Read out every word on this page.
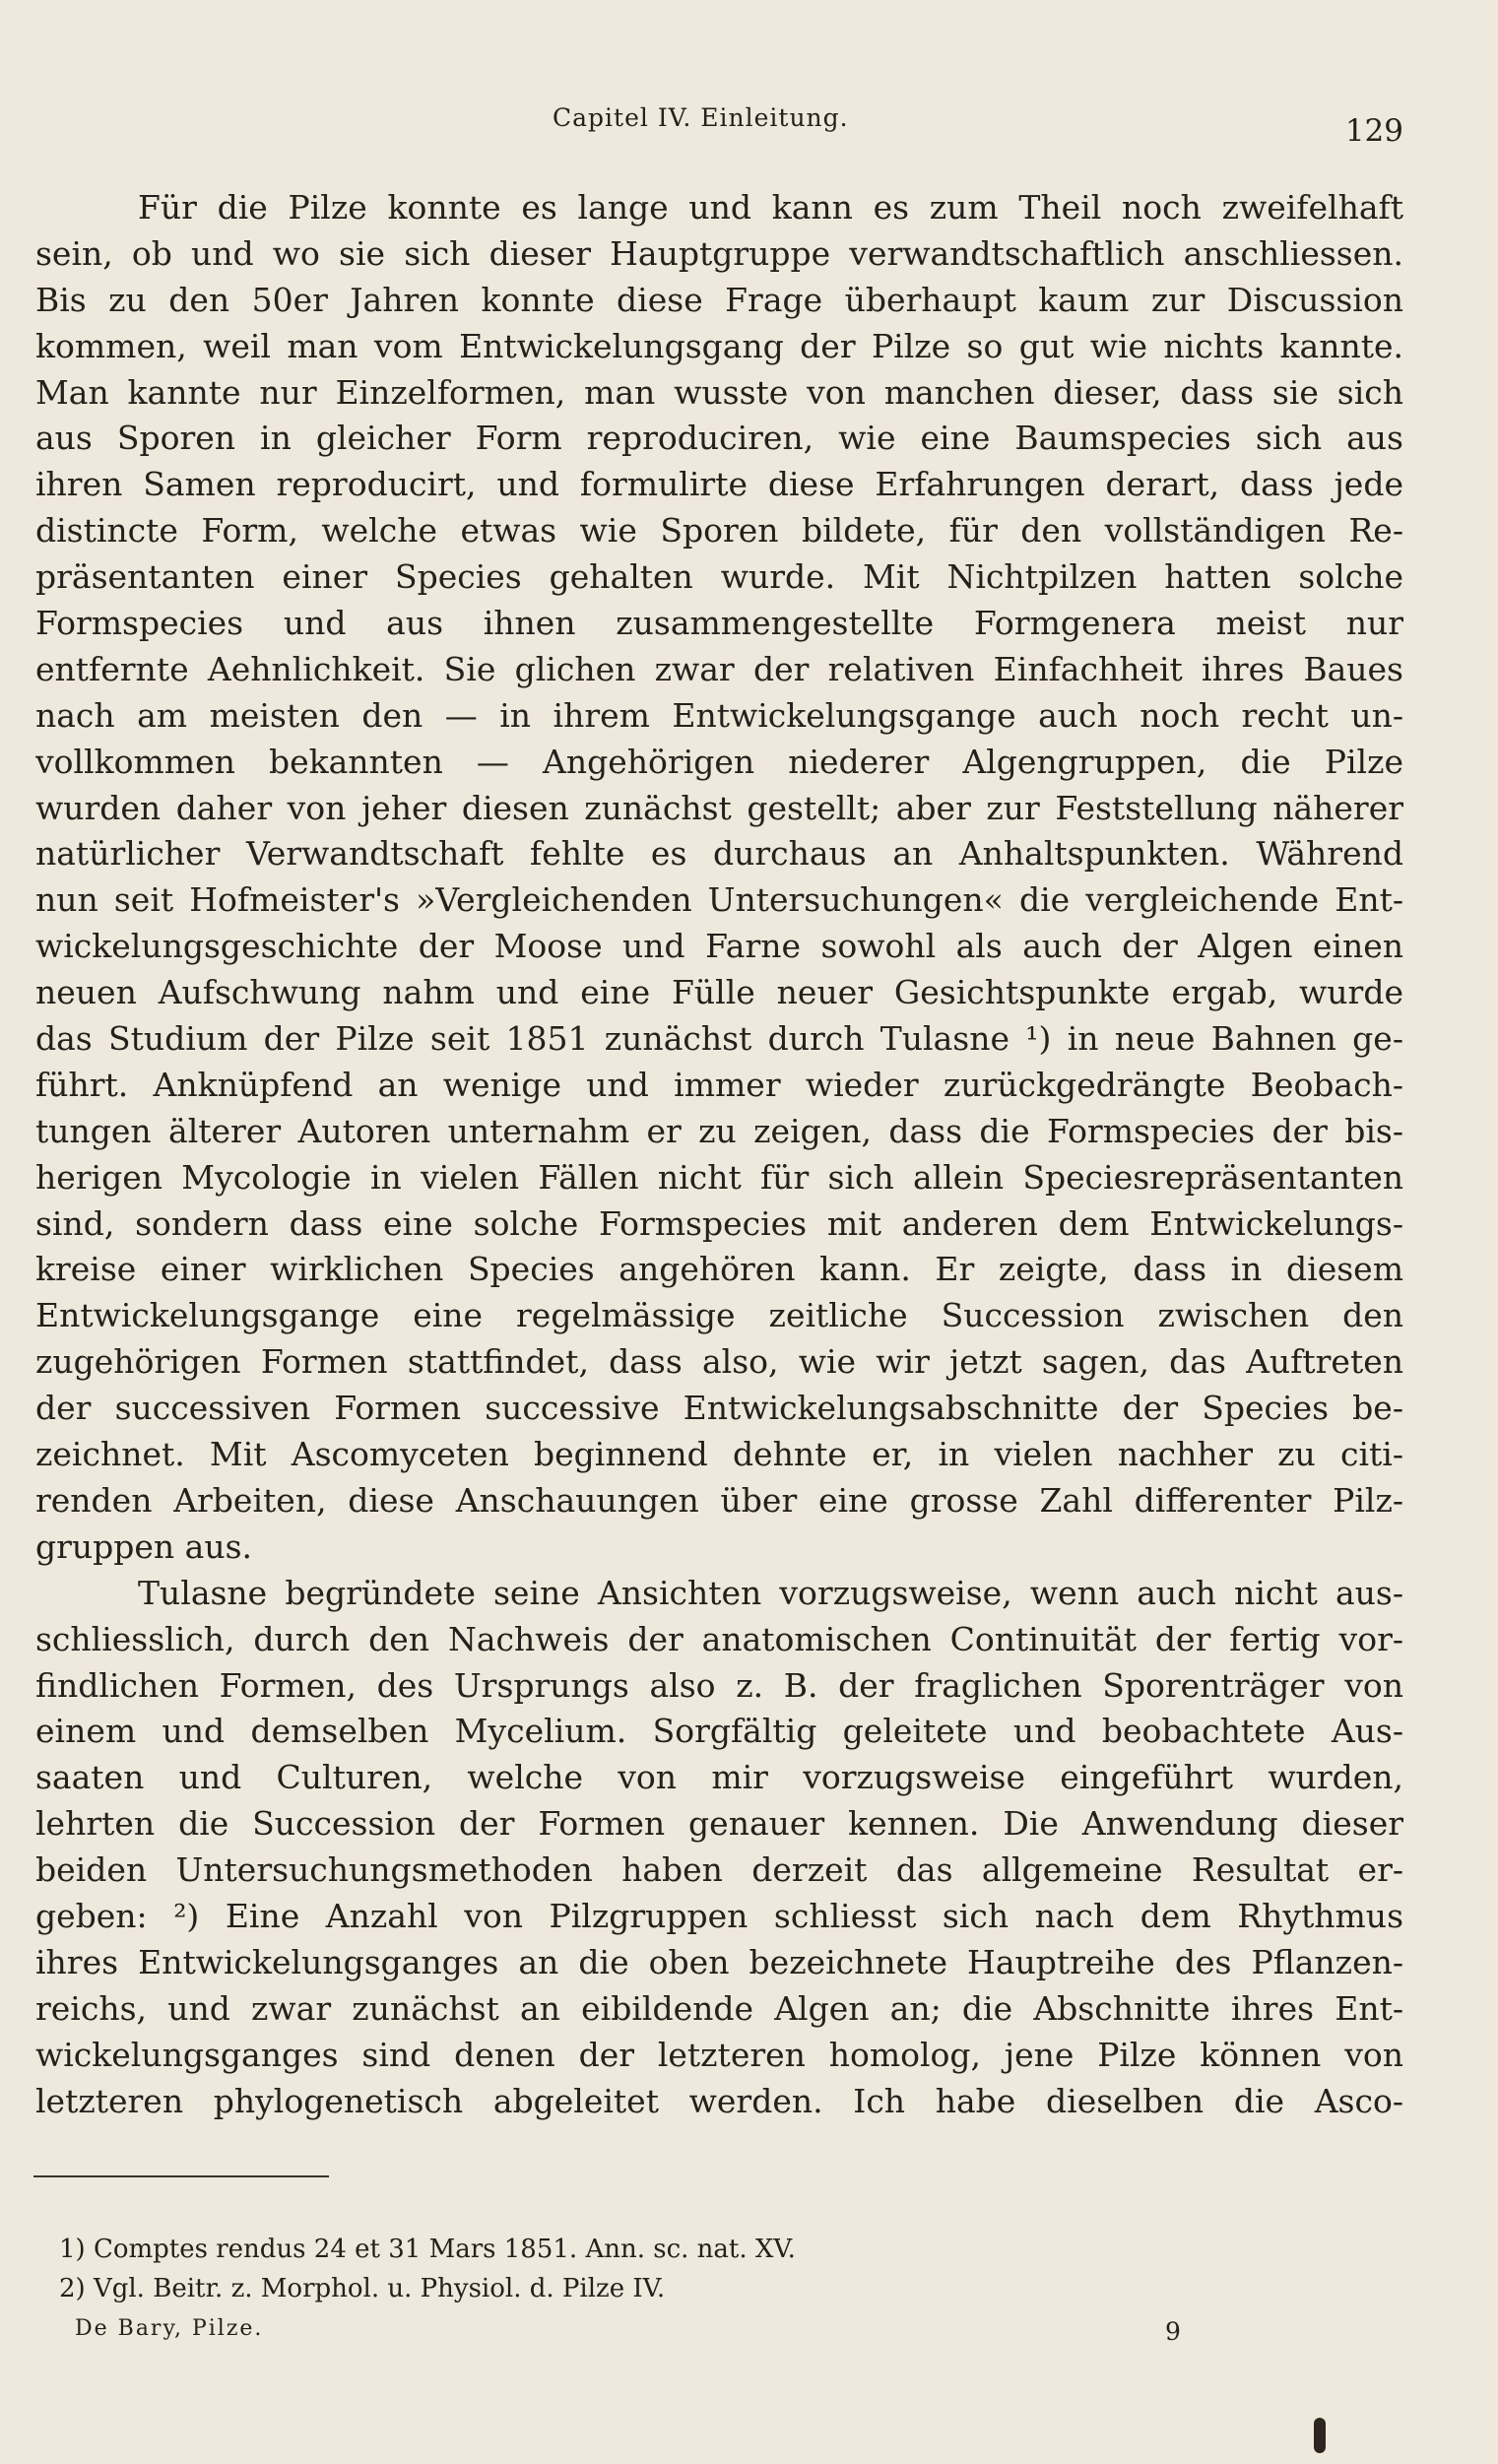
Capitel IV. Einleitung.	129
Für die Pilze konnte es lange und kann es zum Theil noch zweifelhaft
sein, ob und wo sie sich dieser Hauptgruppe verwandtschaftlich anschliessen.
Bis zu den 50er Jahren konnte diese Frage überhaupt kaum zur Discussion
kommen, weil man vom Entwickelungsgang der Pilze so gut wie nichts kannte.
Man kannte nur Einzelformen, man wusste von manchen dieser, dass sie sich
aus Sporen in gleicher Form reproduciren, wie eine Baumspecies sich aus
ihren Samen reproducirt, und formulirte diese Erfahrungen derart, dass jede
distincte Form, welche etwas wie Sporen bildete, für den vollständigen Re-
präsentanten einer Species gehalten wurde. Mit Nichtpilzen hatten solche
Formspecies und aus ihnen zusammengestellte Formgenera meist nur
entfernte Aehnlichkeit. Sie glichen zwar der relativen Einfachheit ihres Baues
nach am meisten den — in ihrem Entwickelungsgange auch noch recht un-
vollkommen bekannten — Angehörigen niederer Algengruppen, die Pilze
wurden daher von jeher diesen zunächst gestellt; aber zur Feststellung näherer
natürlicher Verwandtschaft fehlte es durchaus an Anhaltspunkten. Während
nun seit Hofmeister's »Vergleichenden Untersuchungen« die vergleichende Ent-
wickelungsgeschichte der Moose und Farne sowohl als auch der Algen einen
neuen Aufschwung nahm und eine Fülle neuer Gesichtspunkte ergab, wurde
das Studium der Pilze seit 1851 zunächst durch Tulasne ¹) in neue Bahnen ge-
führt. Anknüpfend an wenige und immer wieder zurückgedrängte Beobach-
tungen älterer Autoren unternahm er zu zeigen, dass die Formspecies der bis-
herigen Mycologie in vielen Fällen nicht für sich allein Speciesrepräsentanten
sind, sondern dass eine solche Formspecies mit anderen dem Entwickelungs-
kreise einer wirklichen Species angehören kann. Er zeigte, dass in diesem
Entwickelungsgange eine regelmässige zeitliche Succession zwischen den
zugehörigen Formen stattfindet, dass also, wie wir jetzt sagen, das Auftreten
der successiven Formen successive Entwickelungsabschnitte der Species be-
zeichnet. Mit Ascomyceten beginnend dehnte er, in vielen nachher zu citi-
renden Arbeiten, diese Anschauungen über eine grosse Zahl differenter Pilz-
gruppen aus.
Tulasne begründete seine Ansichten vorzugsweise, wenn auch nicht aus-
schliesslich, durch den Nachweis der anatomischen Continuität der fertig vor-
findlichen Formen, des Ursprungs also z. B. der fraglichen Sporenträger von
einem und demselben Mycelium. Sorgfältig geleitete und beobachtete Aus-
saaten und Culturen, welche von mir vorzugsweise eingeführt wurden,
lehrten die Succession der Formen genauer kennen. Die Anwendung dieser
beiden Untersuchungsmethoden haben derzeit das allgemeine Resultat er-
geben: ²) Eine Anzahl von Pilzgruppen schliesst sich nach dem Rhythmus
ihres Entwickelungsganges an die oben bezeichnete Hauptreihe des Pflanzen-
reichs, und zwar zunächst an eibildende Algen an; die Abschnitte ihres Ent-
wickelungsganges sind denen der letzteren homolog, jene Pilze können von
letzteren phylogenetisch abgeleitet werden. Ich habe dieselben die Asco-
1) Comptes rendus 24 et 31 Mars 1851. Ann. sc. nat. XV.
2) Vgl. Beitr. z. Morphol. u. Physiol. d. Pilze IV.
De Bary, Pilze.	9
